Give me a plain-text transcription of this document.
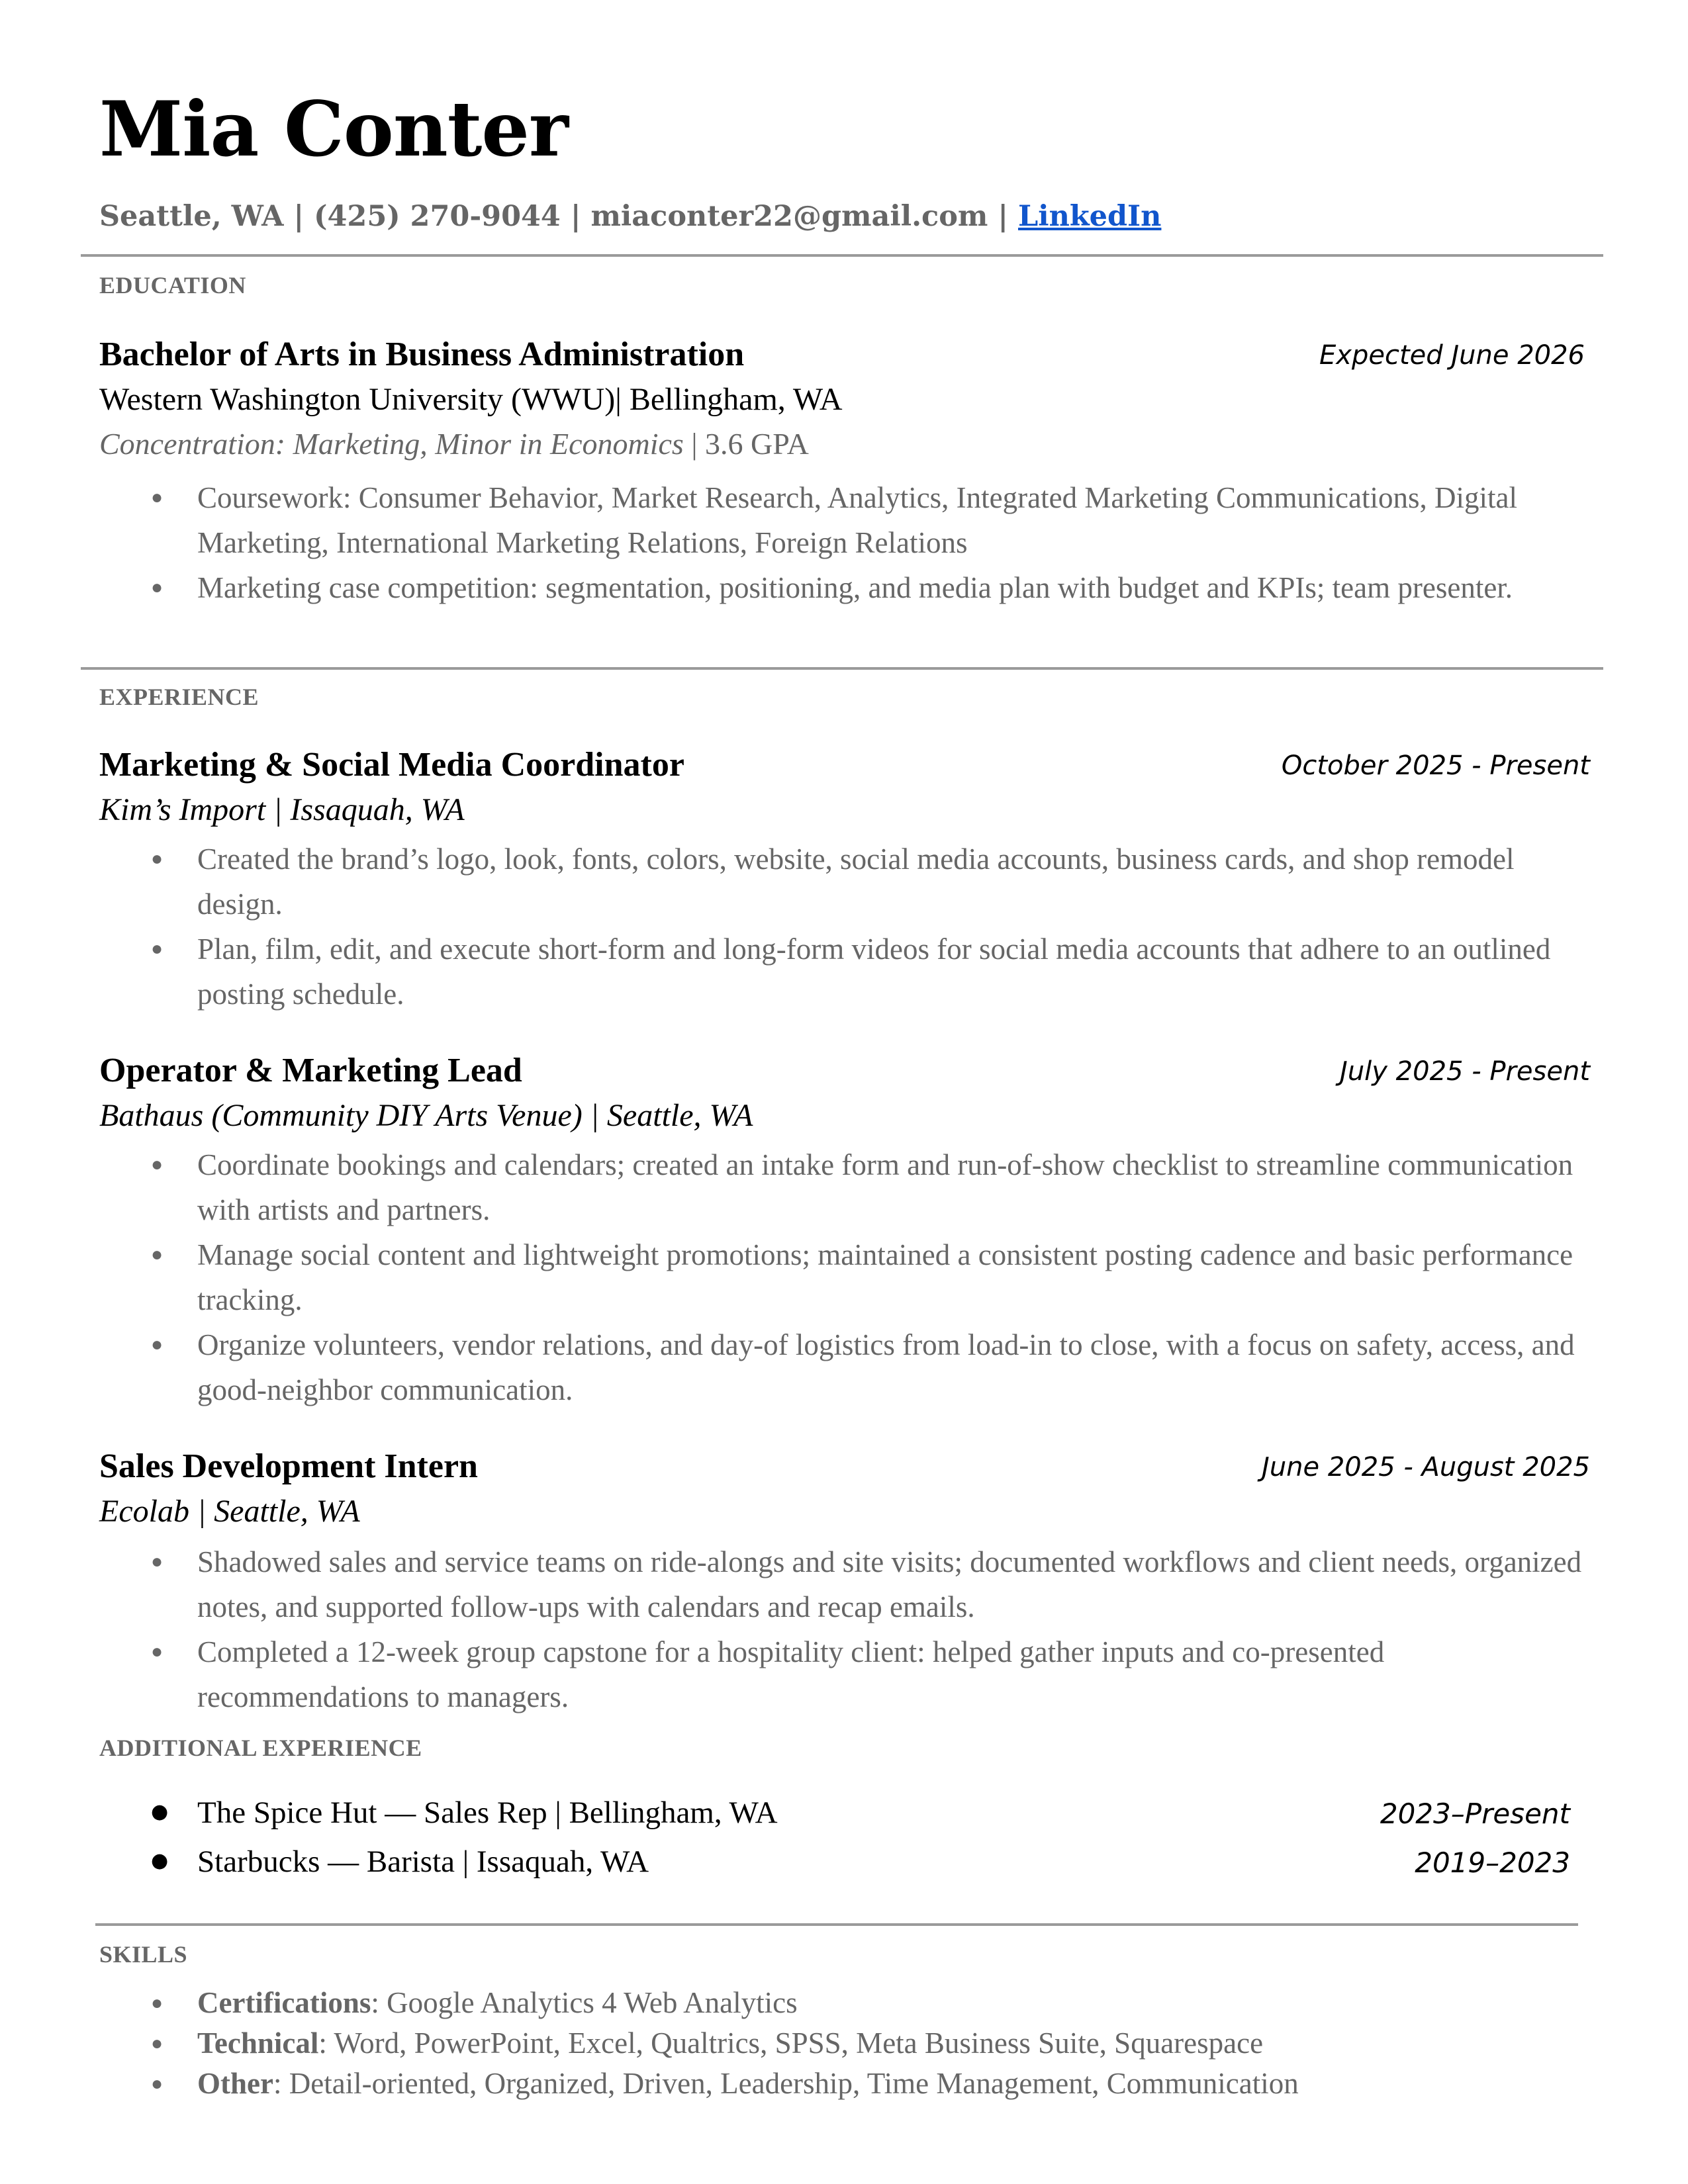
Mia Conter
Seattle, WA | (425) 270-9044 | miaconter22@gmail.com | LinkedIn
EDUCATION
Bachelor of Arts in Business Administration	Expected June 2026
Western Washington University (WWU)| Bellingham, WA
Concentration: Marketing, Minor in Economics | 3.6 GPA
● Coursework: Consumer Behavior, Market Research, Analytics, Integrated Marketing Communications, Digital Marketing, International Marketing Relations, Foreign Relations
● Marketing case competition: segmentation, positioning, and media plan with budget and KPIs; team presenter.
EXPERIENCE
Marketing & Social Media Coordinator	October 2025 - Present
Kim’s Import | Issaquah, WA
● Created the brand’s logo, look, fonts, colors, website, social media accounts, business cards, and shop remodel design.
● Plan, film, edit, and execute short-form and long-form videos for social media accounts that adhere to an outlined posting schedule.
Operator & Marketing Lead	July 2025 - Present
Bathaus (Community DIY Arts Venue) | Seattle, WA
● Coordinate bookings and calendars; created an intake form and run-of-show checklist to streamline communication with artists and partners.
● Manage social content and lightweight promotions; maintained a consistent posting cadence and basic performance tracking.
● Organize volunteers, vendor relations, and day-of logistics from load-in to close, with a focus on safety, access, and good-neighbor communication.
Sales Development Intern	June 2025 - August 2025
Ecolab | Seattle, WA
● Shadowed sales and service teams on ride-alongs and site visits; documented workflows and client needs, organized notes, and supported follow-ups with calendars and recap emails.
● Completed a 12-week group capstone for a hospitality client: helped gather inputs and co-presented recommendations to managers.
ADDITIONAL EXPERIENCE
● The Spice Hut — Sales Rep | Bellingham, WA	2023–Present
● Starbucks — Barista | Issaquah, WA	2019–2023
SKILLS
● Certifications: Google Analytics 4 Web Analytics
● Technical: Word, PowerPoint, Excel, Qualtrics, SPSS, Meta Business Suite, Squarespace
● Other: Detail-oriented, Organized, Driven, Leadership, Time Management, Communication
